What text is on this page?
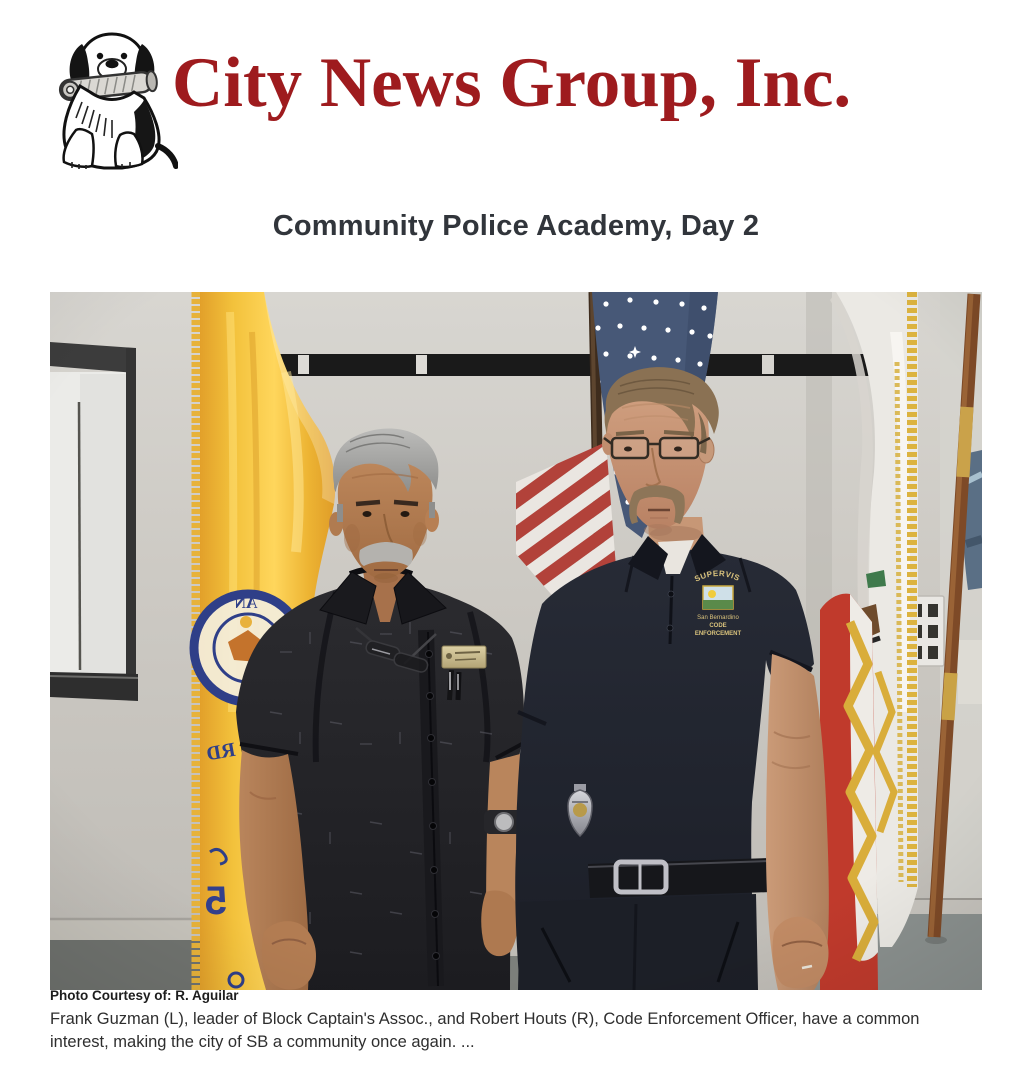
City News Group, Inc.
Community Police Academy, Day 2
Photo Courtesy of: R. Aguilar

Frank Guzman (L), leader of Block Captain's Assoc., and Robert Houts (R), Code Enforcement Officer, have a common interest, making the city of SB a community once again. ...
